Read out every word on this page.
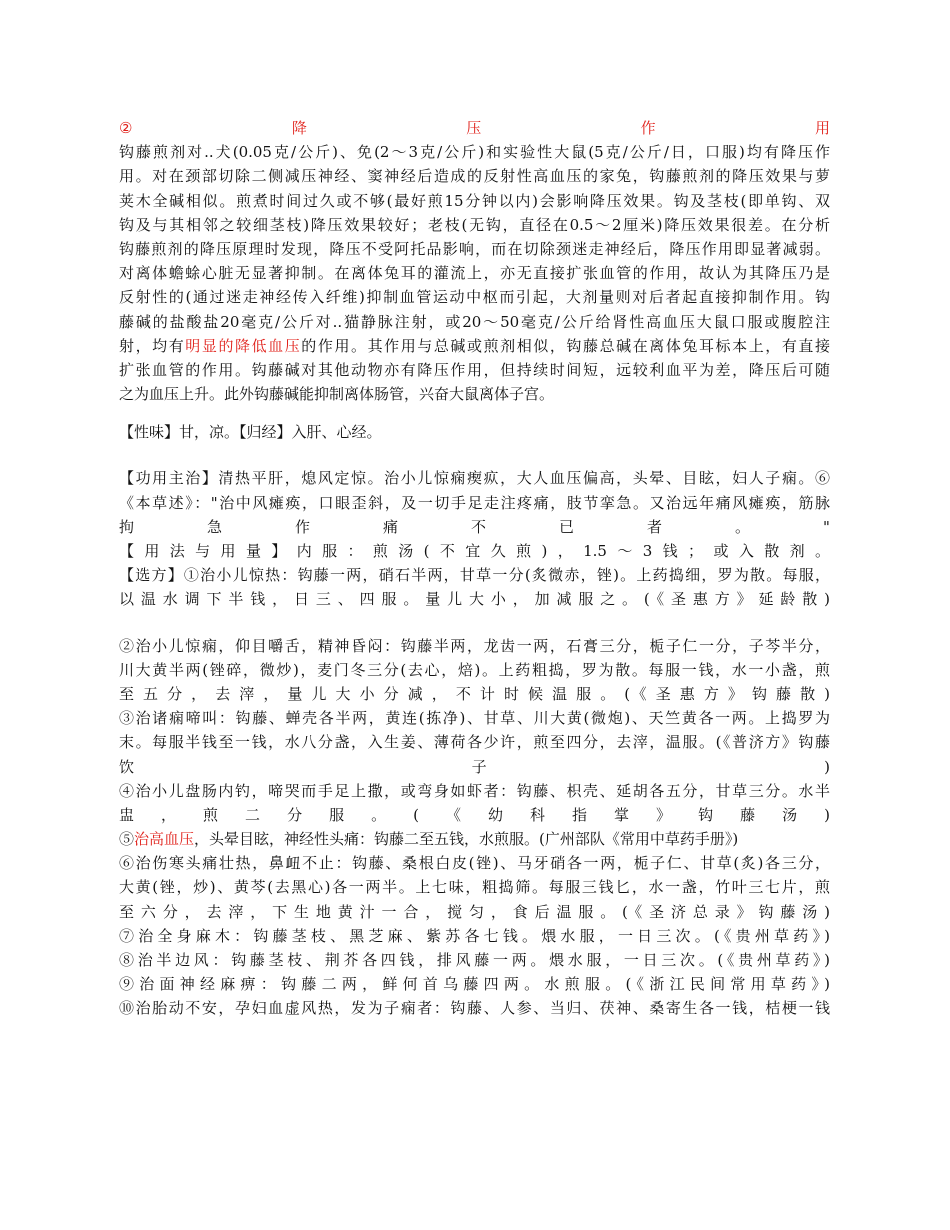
②	降	压	作	用
钩藤煎剂对..犬(0.05克/公斤)、免(2～3克/公斤)和实验性大鼠(5克/公斤/日，口服)均有降压作
用。对在颈部切除二侧减压神经、窦神经后造成的反射性高血压的家兔，钩藤煎剂的降压效果与萝
荚木全碱相似。煎煮时间过久或不够(最好煎15分钟以内)会影响降压效果。钩及茎枝(即单钩、双
钩及与其相邻之较细茎枝)降压效果较好；老枝(无钩，直径在0.5～2厘米)降压效果很差。在分析
钩藤煎剂的降压原理时发现，降压不受阿托品影响，而在切除颈迷走神经后，降压作用即显著减弱。
对离体蟾蜍心脏无显著抑制。在离体兔耳的灌流上，亦无直接扩张血管的作用，故认为其降压乃是
反射性的(通过迷走神经传入纤维)抑制血管运动中枢而引起，大剂量则对后者起直接抑制作用。钩
藤碱的盐酸盐20毫克/公斤对..猫静脉注射，或20～50毫克/公斤给肾性高血压大鼠口服或腹腔注
射，均有明显的降低血压的作用。其作用与总碱或煎剂相似，钩藤总碱在离体兔耳标本上，有直接
扩张血管的作用。钩藤碱对其他动物亦有降压作用，但持续时间短，远较利血平为差，降压后可随
之为血压上升。此外钩藤碱能抑制离体肠管，兴奋大鼠离体子宫。
【性味】甘，凉。【归经】入肝、心经。
【功用主治】清热平肝，熄风定惊。治小儿惊痫瘈疭，大人血压偏高，头晕、目眩，妇人子痫。⑥
《本草述》："治中风瘫痪，口眼歪斜，及一切手足走注疼痛，肢节挛急。又治远年痛风瘫痪，筋脉
拘	急	作	痛	不	已	者	。	"
【用法与用量】内服：煎汤(不宜久煎)，1.5～3钱；或入散剂。
【选方】①治小儿惊热：钩藤一两，硝石半两，甘草一分(炙微赤，锉)。上药捣细，罗为散。每服，
以温水调下半钱，日三、四服。量儿大小，加减服之。(《圣惠方》延龄散)
②治小儿惊痫，仰目嚼舌，精神昏闷：钩藤半两，龙齿一两，石膏三分，栀子仁一分，子芩半分，
川大黄半两(锉碎，微炒)，麦门冬三分(去心，焙)。上药粗捣，罗为散。每服一钱，水一小盏，煎
至五分，去滓，量儿大小分减，不计时候温服。(《圣惠方》钩藤散)
③治诸痫啼叫：钩藤、蝉壳各半两，黄连(拣净)、甘草、川大黄(微炮)、天竺黄各一两。上捣罗为
末。每服半钱至一钱，水八分盏，入生姜、薄荷各少许，煎至四分，去滓，温服。(《普济方》钩藤
饮	子	)
④治小儿盘肠内钓，啼哭而手足上撒，或弯身如虾者：钩藤、枳壳、延胡各五分，甘草三分。水半
盅 ， 煎 二 分 服 。 ( 《 幼 科 指 掌 》 钩 藤 汤 )
⑤治高血压，头晕目眩，神经性头痛：钩藤二至五钱，水煎服。(广州部队《常用中草药手册》)
⑥治伤寒头痛壮热，鼻衄不止：钩藤、桑根白皮(锉)、马牙硝各一两，栀子仁、甘草(炙)各三分，
大黄(锉，炒)、黄芩(去黑心)各一两半。上七味，粗捣筛。每服三钱匕，水一盏，竹叶三七片，煎
至六分，去滓，下生地黄汁一合，搅匀，食后温服。(《圣济总录》钩藤汤)
⑦治全身麻木：钩藤茎枝、黑芝麻、紫苏各七钱。煨水服，一日三次。(《贵州草药》)
⑧治半边风：钩藤茎枝、荆芥各四钱，排风藤一两。煨水服，一日三次。(《贵州草药》)
⑨治面神经麻痹：钩藤二两，鲜何首乌藤四两。水煎服。(《浙江民间常用草药》)
⑩治胎动不安，孕妇血虚风热，发为子痫者：钩藤、人参、当归、茯神、桑寄生各一钱，桔梗一钱
